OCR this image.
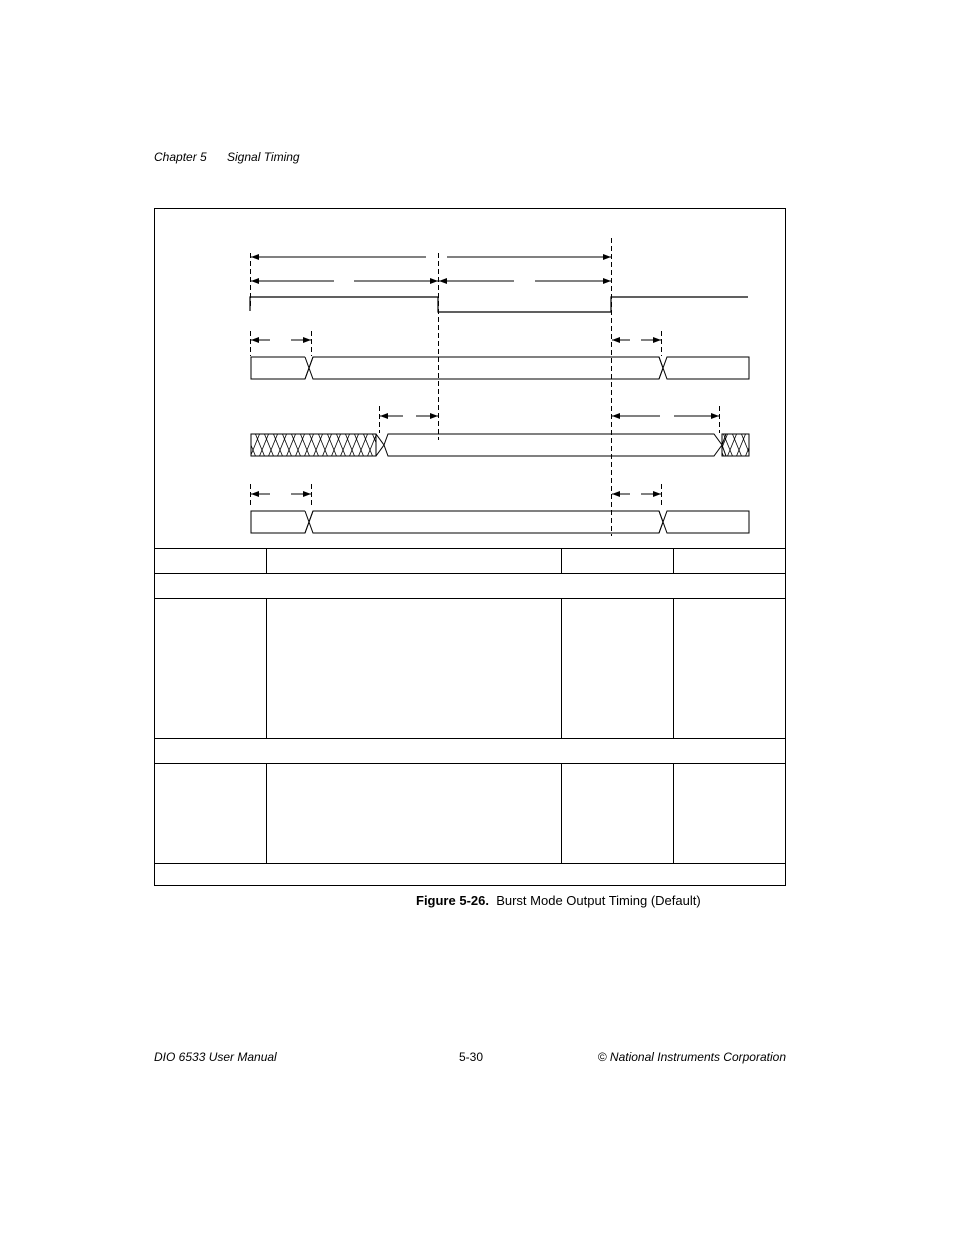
Chapter 5 Signal Timing
Figure 5-26. Burst Mode Output Timing (Default)
DIO 6533 User Manual	5-30	© National Instruments Corporation
